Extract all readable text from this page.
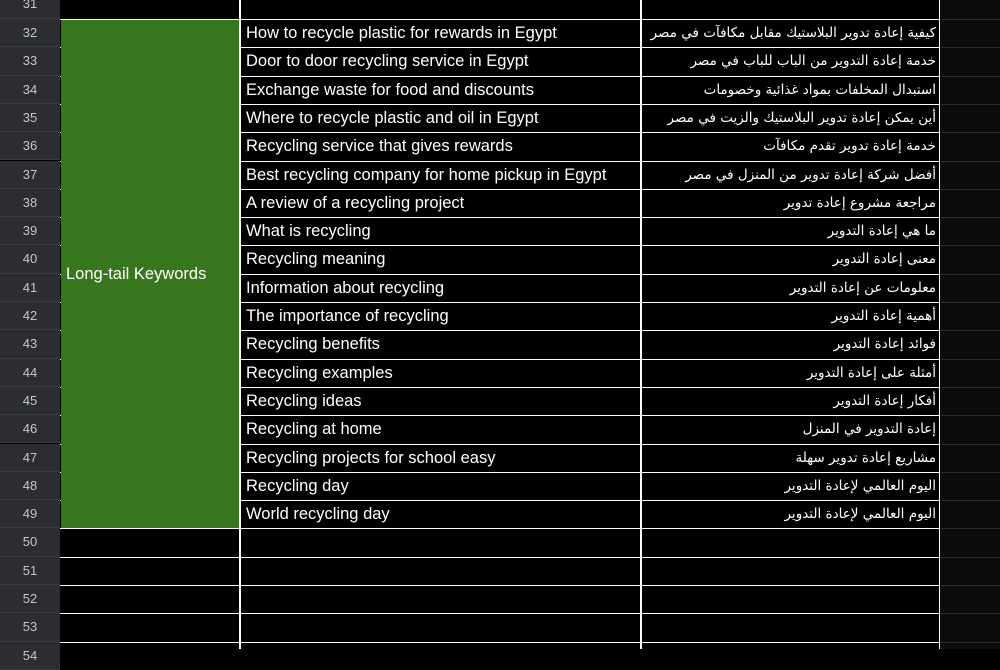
31
32
33
34
35
36
37
38
39
40
41
42
43
44
45
46
47
48
49
50
51
52
53
54
Long-tail Keywords
How to recycle plastic for rewards in Egypt	كيفية إعادة تدوير البلاستيك مقابل مكافآت في مصر
Door to door recycling service in Egypt	خدمة إعادة التدوير من الباب للباب في مصر
Exchange waste for food and discounts	استبدال المخلفات بمواد غذائية وخصومات
Where to recycle plastic and oil in Egypt	أين يمكن إعادة تدوير البلاستيك والزيت في مصر
Recycling service that gives rewards	خدمة إعادة تدوير تقدم مكافآت
Best recycling company for home pickup in Egypt	أفضل شركة إعادة تدوير من المنزل في مصر
A review of a recycling project	مراجعة مشروع إعادة تدوير
What is recycling	ما هي إعادة التدوير
Recycling meaning	معنى إعادة التدوير
Information about recycling	معلومات عن إعادة التدوير
The importance of recycling	أهمية إعادة التدوير
Recycling benefits	فوائد إعادة التدوير
Recycling examples	أمثلة على إعادة التدوير
Recycling ideas	أفكار إعادة التدوير
Recycling at home	إعادة التدوير في المنزل
Recycling projects for school easy	مشاريع إعادة تدوير سهلة
Recycling day	اليوم العالمي لإعادة التدوير
World recycling day	اليوم العالمي لإعادة التدوير
